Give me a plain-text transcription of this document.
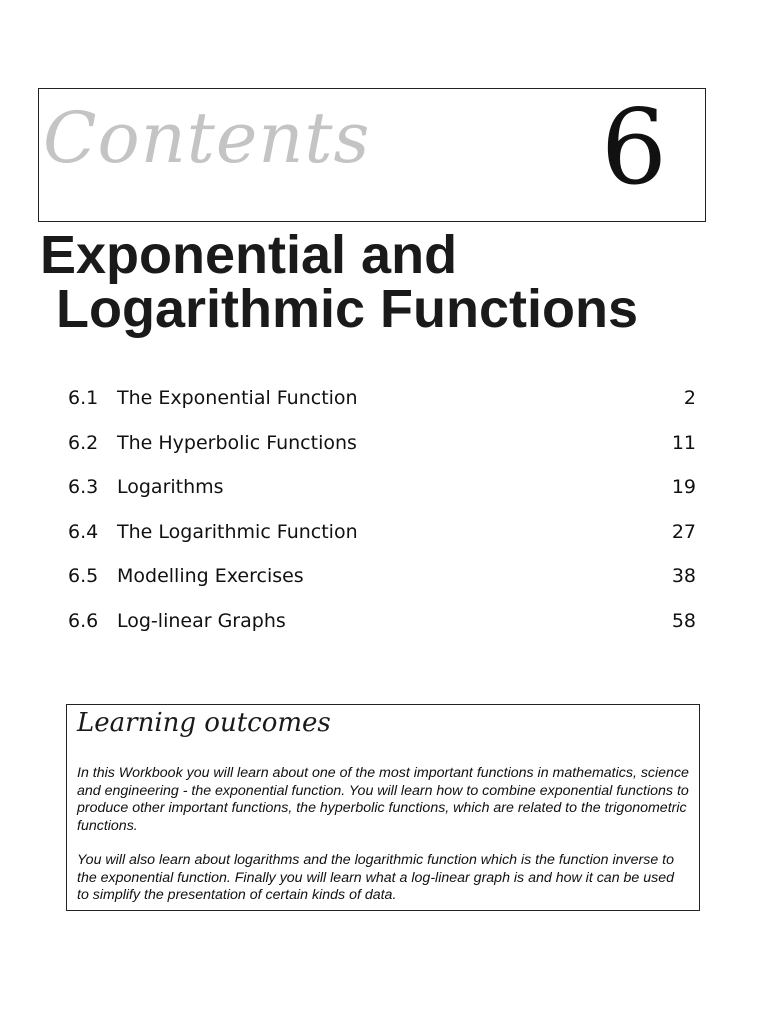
Contents 6
Exponential and
Logarithmic Functions
6.1 The Exponential Function	2
6.2 The Hyperbolic Functions	11
6.3 Logarithms	19
6.4 The Logarithmic Function	27
6.5 Modelling Exercises	38
6.6 Log-linear Graphs	58
Learning outcomes

In this Workbook you will learn about one of the most important functions in mathematics, science and engineering - the exponential function. You will learn how to combine exponential functions to produce other important functions, the hyperbolic functions, which are related to the trigonometric functions.

You will also learn about logarithms and the logarithmic function which is the function inverse to the exponential function. Finally you will learn what a log-linear graph is and how it can be used to simplify the presentation of certain kinds of data.
